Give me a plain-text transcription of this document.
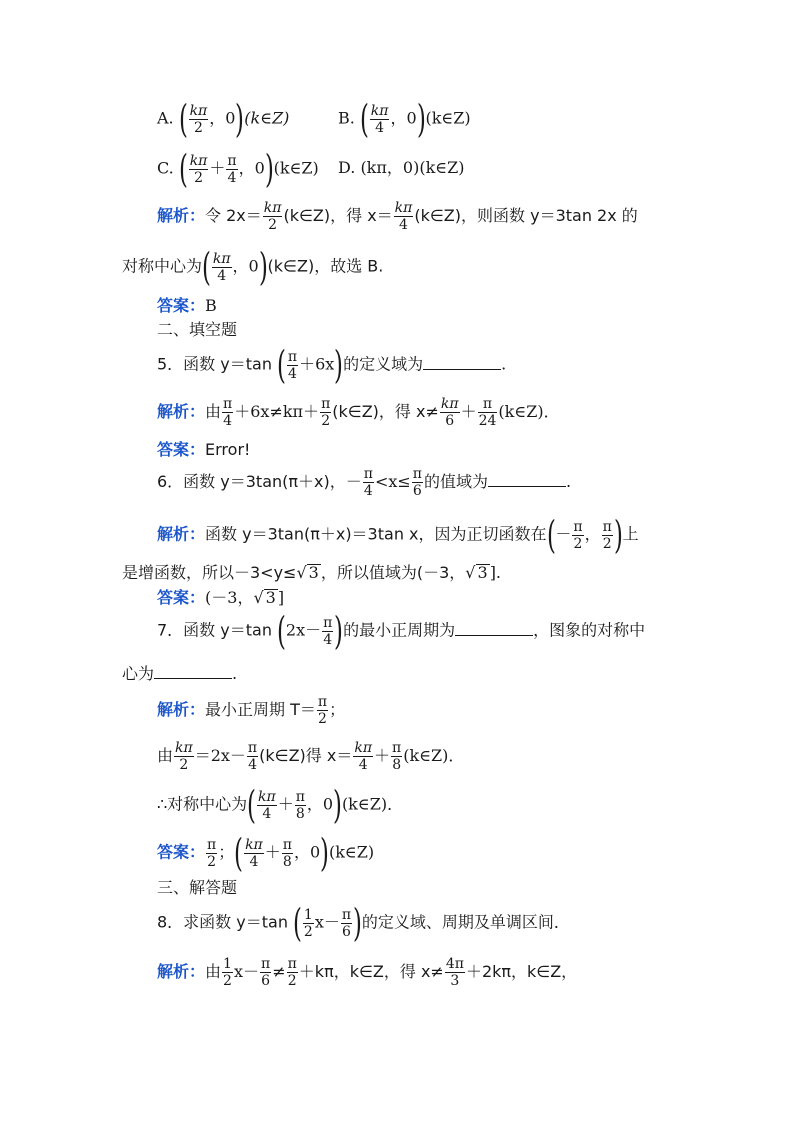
A. ( $\frac{k\pi}{2}$ ，0)(k∈Z)	B. ( $\frac{k\pi}{4}$ ，0)(k∈Z)
C. ( $\frac{k\pi}{2} + \frac{\pi}{4}$ ，0)(k∈Z) D. (kπ，0)(k∈Z)
解析：令 $2x= \frac{k\pi}{2}$ (k∈Z)，得 $x= \frac{k\pi}{4}$ (k∈Z)，则函数 y＝3tan 2x 的
对称中心为( $\frac{k\pi}{4}$ ，0)(k∈Z)，故选 B.
答案：B
二、填空题
5．函数 y＝tan ( $\frac{\pi}{4} +6x$)的定义域为	.
解析：由 $\frac{\pi}{4} +6x\ne k\pi+ \frac{\pi}{2}$ (k∈Z)，得 $x\ne \frac{k\pi}{6} + \frac{\pi}{24}$ (k∈Z)．
答案：Error!
6．函数 y＝3tan(π＋x)，－ $\frac{\pi}{4} <x\le \frac{\pi}{6}$ 的值域为	.
解析：函数 y＝3tan(π＋x)＝3tan x，因为正切函数在(－ $\frac{\pi}{2}$ ， $\frac{\pi}{2}$ )上
是增函数，所以－3<y≤√ 3 ，所以值域为(－3，√ 3 ].
答案：(－3，√ 3 ]
7．函数 y＝tan ($2x- \frac{\pi}{4}$ )的最小正周期为	，图象的对称中
心为	.
解析：最小正周期 $T= \frac{\pi}{2}$ ；
由 $\frac{k\pi}{2} =2x- \frac{\pi}{4}$ (k∈Z)得 $x= \frac{k\pi}{4} + \frac{\pi}{8}$ (k∈Z)．
∴对称中心为( $\frac{k\pi}{4} + \frac{\pi}{8}$ ，0)(k∈Z)．
答案： $\frac{\pi}{2}$ ；( $\frac{k\pi}{4} + \frac{\pi}{8}$ ，0)(k∈Z)
三、解答题
8．求函数 y＝tan ( $\frac{1}{2} x- \frac{\pi}{6}$ )的定义域、周期及单调区间．
解析：由 $\frac{1}{2} x- \frac{\pi}{6} \ne \frac{\pi}{2} +k\pi$，k∈Z，得 $x\ne \frac{4\pi}{3} +2k\pi$，k∈Z，
